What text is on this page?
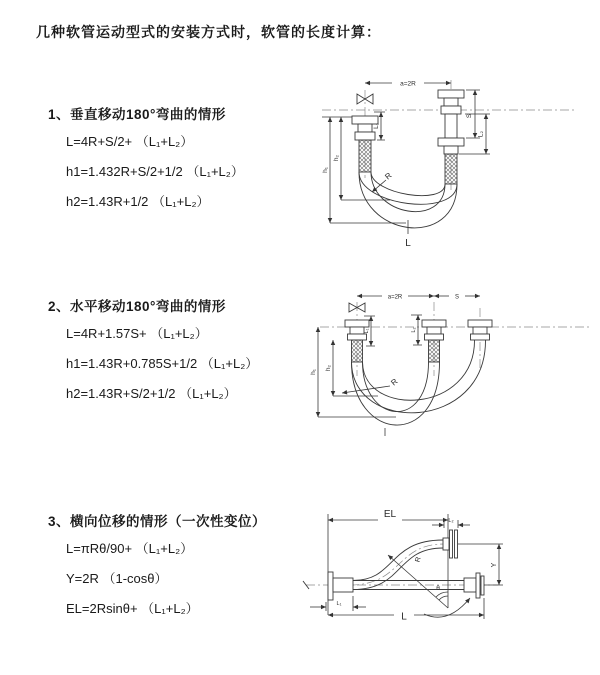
几种软管运动型式的安装方式时，软管的长度计算：
1、垂直移动180°弯曲的情形
L=4R+S/2+ （L₁+L₂）
h1=1.432R+S/2+1/2 （L₁+L₂）
h2=1.43R+1/2 （L₁+L₂）
2、水平移动180°弯曲的情形
L=4R+1.57S+ （L₁+L₂）
h1=1.43R+0.785S+1/2 （L₁+L₂）
h2=1.43R+S/2+1/2 （L₁+L₂）
3、横向位移的情形（一次性变位）
L=πRθ/90+ （L₁+L₂）
Y=2R （1-cosθ）
EL=2Rsinθ+ （L₁+L₂）
a=2R
L₁
S
L₂
h₁
h₂
R
L
a=2R	S
L₁	L₂
h₁
h₂
R
EL
L₂
R
θ
Y
L
L₁
